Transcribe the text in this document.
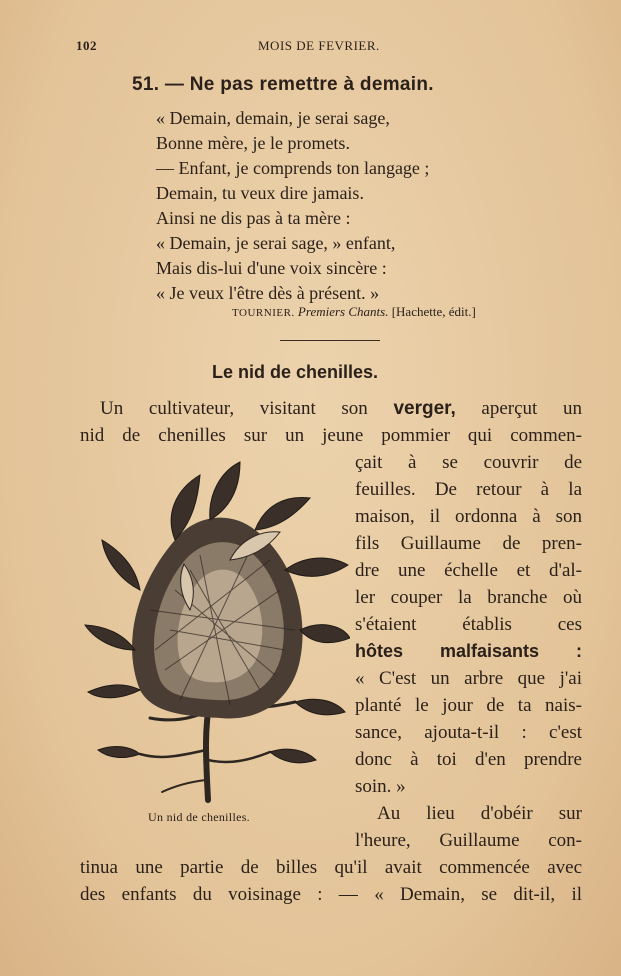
102	MOIS DE FEVRIER.
51. — Ne pas remettre à demain.
« Demain, demain, je serai sage,
Bonne mère, je le promets.
— Enfant, je comprends ton langage ;
Demain, tu veux dire jamais.
Ainsi ne dis pas à ta mère :
« Demain, je serai sage, » enfant,
Mais dis-lui d'une voix sincère :
« Je veux l'être dès à présent. »
TOURNIER. Premiers Chants. [Hachette, édit.]
Le nid de chenilles.
Un cultivateur, visitant son verger, aperçut un
nid de chenilles sur un jeune pommier qui commen-
çait à se couvrir de
feuilles. De retour à la
maison, il ordonna à son
fils Guillaume de pren-
dre une échelle et d'al-
ler couper la branche où
s'étaient établis ces
hôtes malfaisants :
« C'est un arbre que j'ai
planté le jour de ta nais-
sance, ajouta-t-il : c'est
donc à toi d'en prendre
soin. »
Au lieu d'obéir sur
l'heure, Guillaume con-
tinua une partie de billes qu'il avait commencée avec
des enfants du voisinage : — « Demain, se dit-il, il
Un nid de chenilles.
